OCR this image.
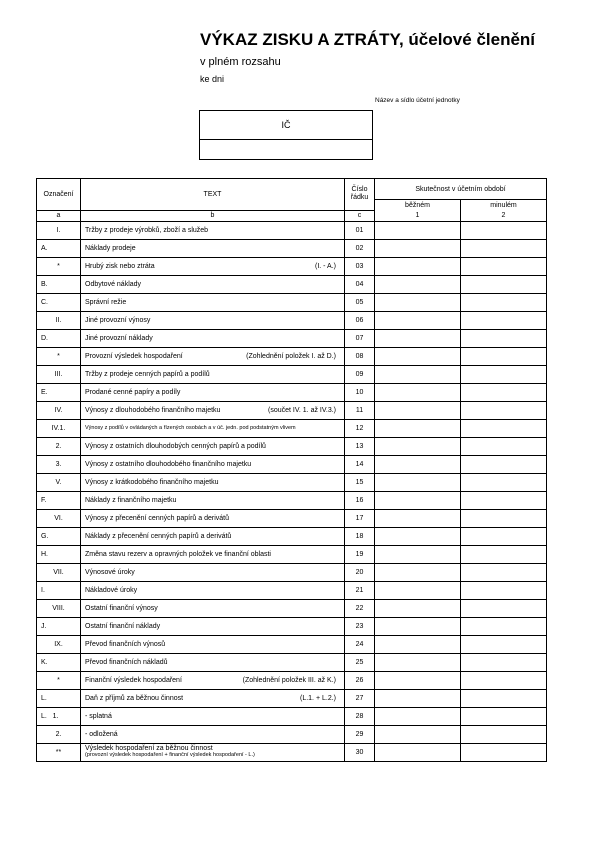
VÝKAZ ZISKU A ZTRÁTY, účelové členění
v plném rozsahu
ke dni
Název a sídlo účetní jednotky
IČ
Označení	TEXT	Číslo řádku	Skutečnost v účetním období	
			běžném	minulém
a	b	c	1	2
I.	Tržby z prodeje výrobků, zboží a služeb	01		
A.	Náklady prodeje	02		
*	Hrubý zisk nebo ztráta (I. - A.)	03		
B.	Odbytové náklady	04		
C.	Správní režie	05		
II.	Jiné provozní výnosy	06		
D.	Jiné provozní náklady	07		
*	Provozní výsledek hospodaření (Zohlednění položek I. až D.)	08		
III.	Tržby z prodeje cenných papírů a podílů	09		
E.	Prodané cenné papíry a podíly	10		
IV.	Výnosy z dlouhodobého finančního majetku (součet IV. 1. až IV.3.)	11		
IV.1.	Výnosy z podílů v ovládaných a řízených osobách a v úč. jedn. pod podstatným vlivem	12		
2.	Výnosy z ostatních dlouhodobých cenných papírů a podílů	13		
3.	Výnosy z ostatního dlouhodobého finančního majetku	14		
V.	Výnosy z krátkodobého finančního majetku	15		
F.	Náklady z finančního majetku	16		
VI.	Výnosy z přecenění cenných papírů a derivátů	17		
G.	Náklady z přecenění cenných papírů a derivátů	18		
H.	Změna stavu rezerv a opravných položek ve finanční oblasti	19		
VII.	Výnosové úroky	20		
I.	Nákladové úroky	21		
VIII.	Ostatní finanční výnosy	22		
J.	Ostatní finanční náklady	23		
IX.	Převod finančních výnosů	24		
K.	Převod finančních nákladů	25		
*	Finanční výsledek hospodaření (Zohlednění položek III. až K.)	26		
L.	Daň z příjmů za běžnou činnost (L.1. + L.2.)	27		
L.   1.	- splatná	28		
2.	- odložená	29		
**	Výsledek hospodaření za běžnou činnost
(provozní výsledek hospodaření + finanční výsledek hospodaření - L.)	30		
